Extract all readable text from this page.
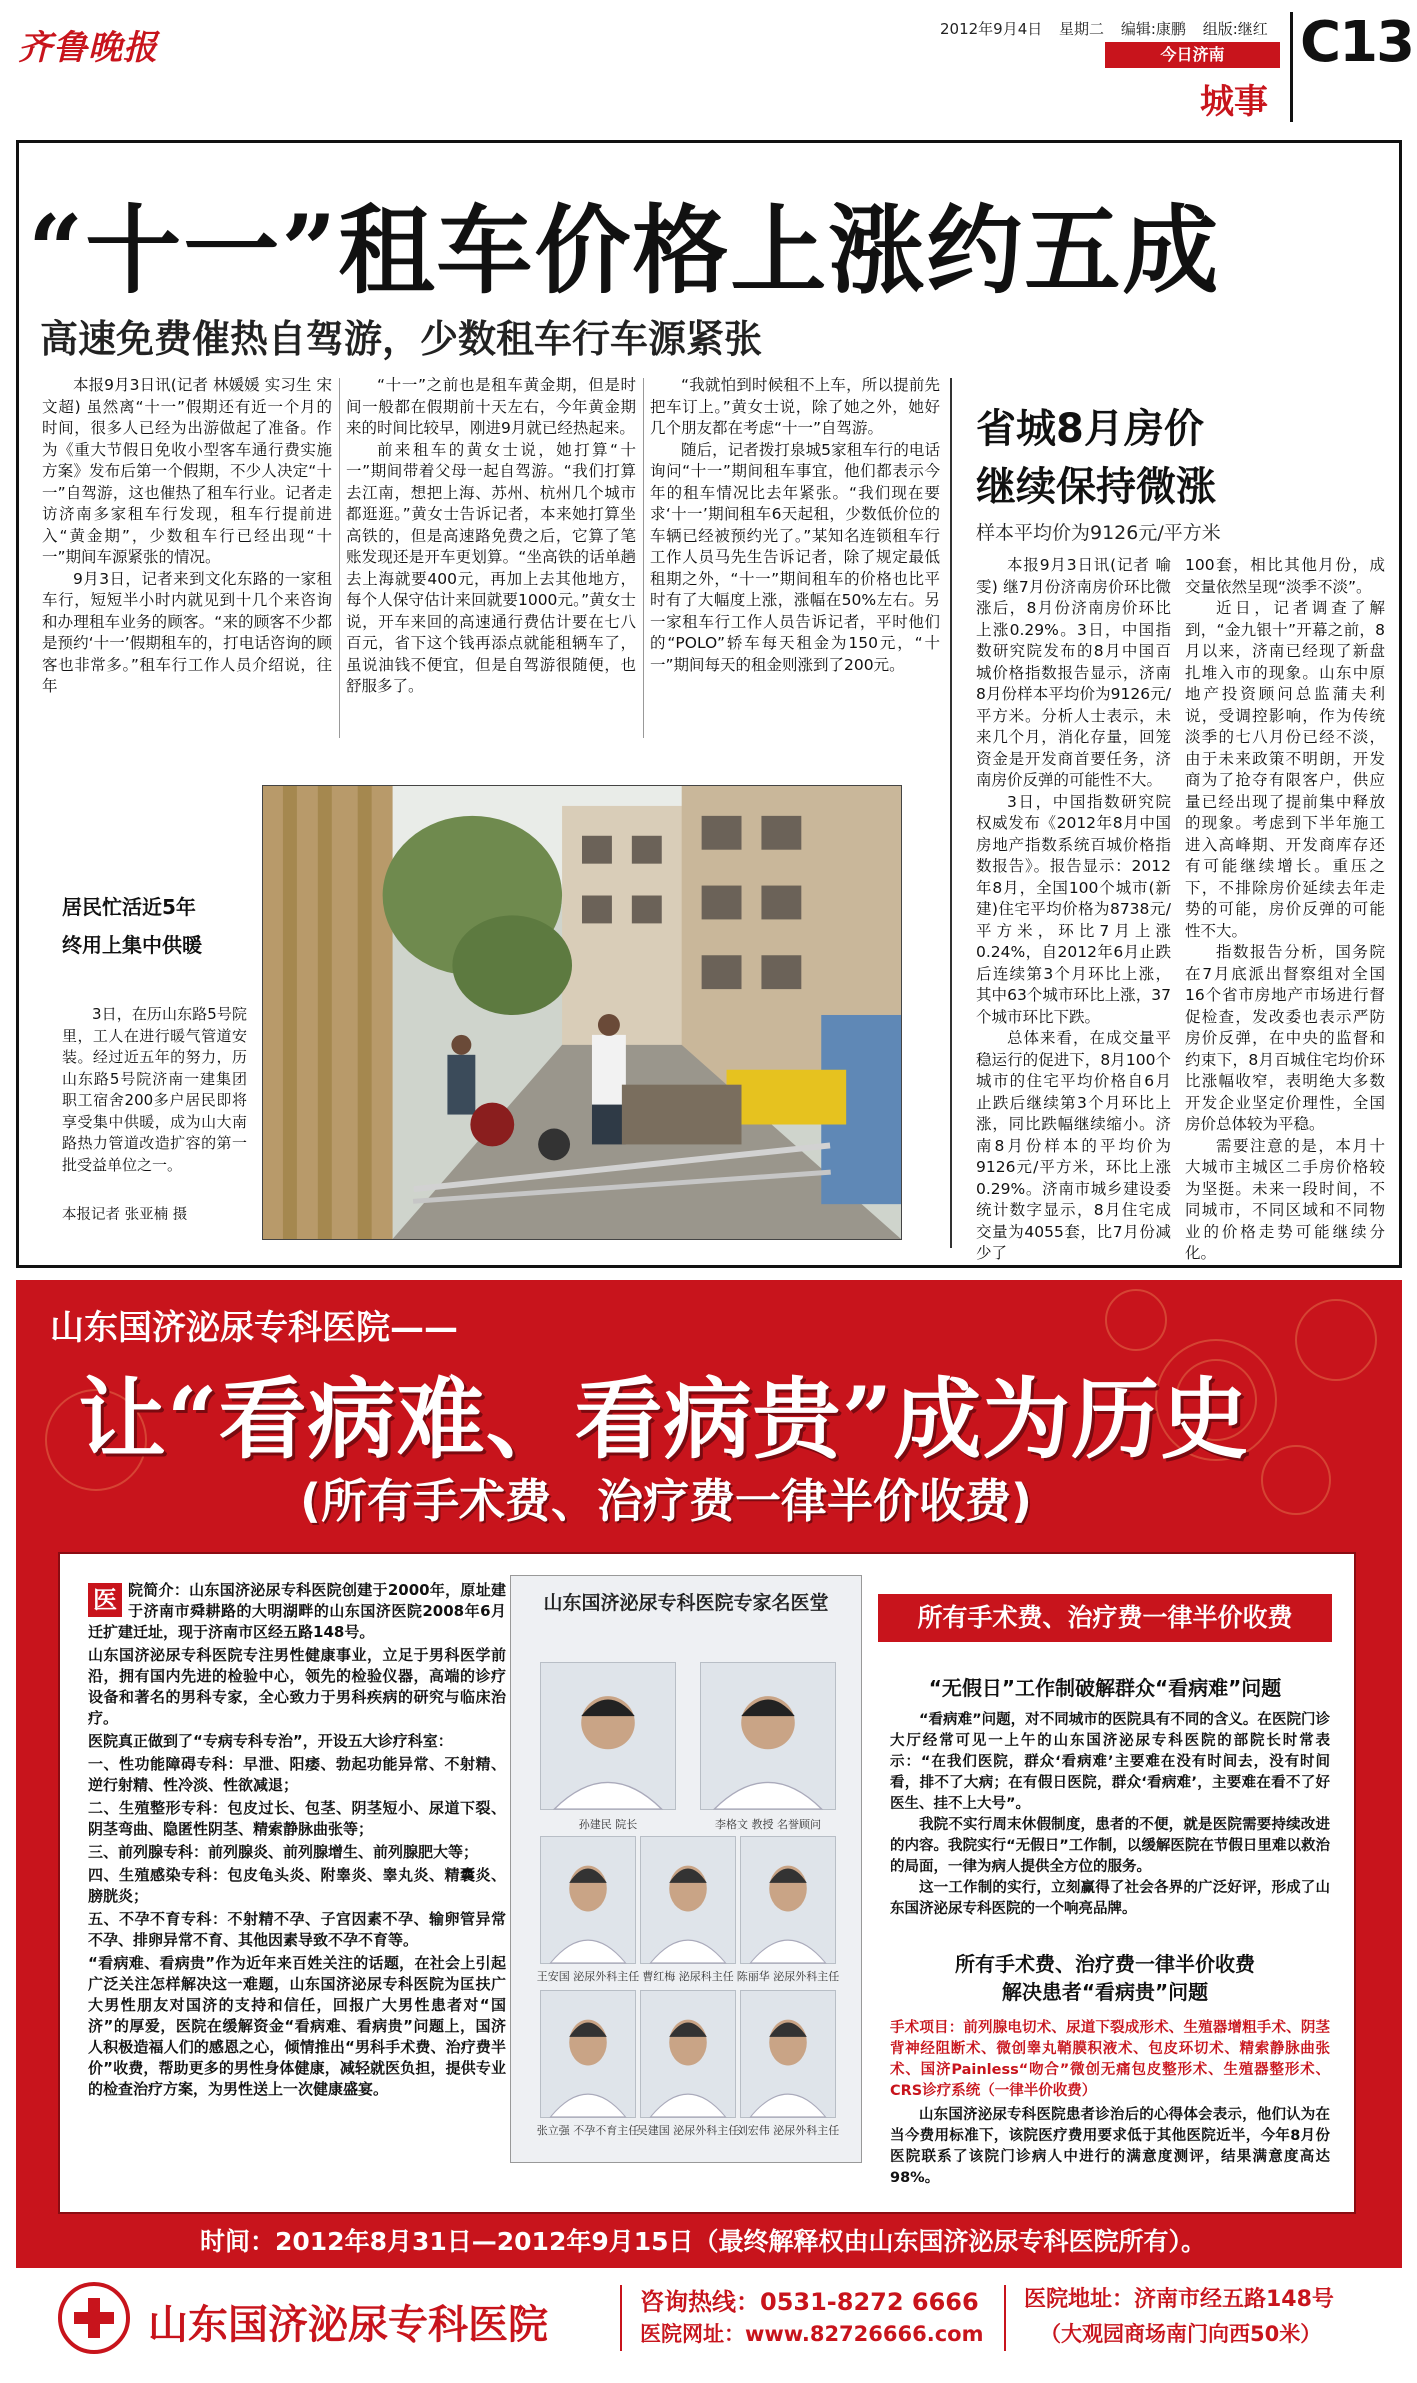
齐鲁晚报	2012年9月4日 星期二 编辑:康鹏 组版:继红
今日济南
城事
C13
“十一”租车价格上涨约五成
高速免费催热自驾游，少数租车行车源紧张

本报9月3日讯(记者 林媛媛 实习生 宋文超) 虽然离“十一”假期还有近一个月的时间，很多人已经为出游做起了准备。作为《重大节假日免收小型客车通行费实施方案》发布后第一个假期，不少人决定“十一”自驾游，这也催热了租车行业。记者走访济南多家租车行发现，租车行提前进入“黄金期”，少数租车行已经出现“十一”期间车源紧张的情况。

9月3日，记者来到文化东路的一家租车行，短短半小时内就见到十几个来咨询和办理租车业务的顾客。“来的顾客不少都是预约‘十一’假期租车的，打电话咨询的顾客也非常多。”租车行工作人员介绍说，往年

“十一”之前也是租车黄金期，但是时间一般都在假期前十天左右，今年黄金期来的时间比较早，刚进9月就已经热起来。

前来租车的黄女士说，她打算“十一”期间带着父母一起自驾游。“我们打算去江南，想把上海、苏州、杭州几个城市都逛逛。”黄女士告诉记者，本来她打算坐高铁的，但是高速路免费之后，它算了笔账发现还是开车更划算。“坐高铁的话单趟去上海就要400元，再加上去其他地方，每个人保守估计来回就要1000元。”黄女士说，开车来回的高速通行费估计要在七八百元，省下这个钱再添点就能租辆车了，虽说油钱不便宜，但是自驾游很随便，也舒服多了。

“我就怕到时候租不上车，所以提前先把车订上。”黄女士说，除了她之外，她好几个朋友都在考虑“十一”自驾游。

随后，记者拨打泉城5家租车行的电话询问“十一”期间租车事宜，他们都表示今年的租车情况比去年紧张。“我们现在要求‘十一’期间租车6天起租，少数低价位的车辆已经被预约光了。”某知名连锁租车行工作人员马先生告诉记者，除了规定最低租期之外，“十一”期间租车的价格也比平时有了大幅度上涨，涨幅在50%左右。另一家租车行工作人员告诉记者，平时他们的“POLO”轿车每天租金为150元，“十一”期间每天的租金则涨到了200元。

居民忙活近5年
终用上集中供暖

3日，在历山东路5号院里，工人在进行暖气管道安装。经过近五年的努力，历山东路5号院济南一建集团职工宿舍200多户居民即将享受集中供暖，成为山大南路热力管道改造扩容的第一批受益单位之一。

本报记者 张亚楠 摄
省城8月房价
继续保持微涨
样本平均价为9126元/平方米

本报9月3日讯(记者 喻雯) 继7月份济南房价环比微涨后，8月份济南房价环比上涨0.29%。3日，中国指数研究院发布的8月中国百城价格指数报告显示，济南8月份样本平均价为9126元/平方米。分析人士表示，未来几个月，消化存量，回笼资金是开发商首要任务，济南房价反弹的可能性不大。

3日，中国指数研究院权威发布《2012年8月中国房地产指数系统百城价格指数报告》。报告显示：2012年8月，全国100个城市(新建)住宅平均价格为8738元/平方米，环比7月上涨0.24%，自2012年6月止跌后连续第3个月环比上涨，其中63个城市环比上涨，37个城市环比下跌。

总体来看，在成交量平稳运行的促进下，8月100个城市的住宅平均价格自6月止跌后继续第3个月环比上涨，同比跌幅继续缩小。济南8月份样本的平均价为9126元/平方米，环比上涨0.29%。济南市城乡建设委统计数字显示，8月住宅成交量为4055套，比7月份减少了

100套，相比其他月份，成交量依然呈现“淡季不淡”。

近日，记者调查了解到，“金九银十”开幕之前，8月以来，济南已经现了新盘扎堆入市的现象。山东中原地产投资顾问总监蒲夫利说，受调控影响，作为传统淡季的七八月份已经不淡，由于未来政策不明朗，开发商为了抢夺有限客户，供应量已经出现了提前集中释放的现象。考虑到下半年施工进入高峰期、开发商库存还有可能继续增长。重压之下，不排除房价延续去年走势的可能，房价反弹的可能性不大。

指数报告分析，国务院在7月底派出督察组对全国16个省市房地产市场进行督促检查，发改委也表示严防房价反弹，在中央的监督和约束下，8月百城住宅均价环比涨幅收窄，表明绝大多数开发企业坚定价理性，全国房价总体较为平稳。

需要注意的是，本月十大城市主城区二手房价格较为坚挺。未来一段时间，不同城市，不同区域和不同物业的价格走势可能继续分化。

山东国济泌尿专科医院——
让“看病难、看病贵”成为历史
(所有手术费、治疗费一律半价收费)
医 院简介：山东国济泌尿专科医院创建于2000年，原址建于济南市舜耕路的大明湖畔的山东国济医院2008年6月迁扩建迁址，现于济南市区经五路148号。

山东国济泌尿专科医院专注男性健康事业，立足于男科医学前沿，拥有国内先进的检验中心，领先的检验仪器，高端的诊疗设备和著名的男科专家，全心致力于男科疾病的研究与临床治疗。

医院真正做到了“专病专科专治”，开设五大诊疗科室：

一、性功能障碍专科：早泄、阳痿、勃起功能异常、不射精、逆行射精、性冷淡、性欲减退；

二、生殖整形专科：包皮过长、包茎、阴茎短小、尿道下裂、阴茎弯曲、隐匿性阴茎、精索静脉曲张等；

三、前列腺专科：前列腺炎、前列腺增生、前列腺肥大等；

四、生殖感染专科：包皮龟头炎、附睾炎、睾丸炎、精囊炎、膀胱炎；

五、不孕不育专科：不射精不孕、子宫因素不孕、输卵管异常不孕、排卵异常不育、其他因素导致不孕不育等。

“看病难、看病贵”作为近年来百姓关注的话题，在社会上引起广泛关注怎样解决这一难题，山东国济泌尿专科医院为匡扶广大男性朋友对国济的支持和信任，回报广大男性患者对“国济”的厚爱，医院在缓解资金“看病难、看病贵”问题上，国济人积极造福人们的感恩之心，倾情推出“男科手术费、治疗费半价”收费，帮助更多的男性身体健康，减轻就医负担，提供专业的检查治疗方案，为男性送上一次健康盛宴。

山东国济泌尿专科医院专家名医堂
孙建民 院长	李格文 教授 名誉顾问
王安国 泌尿外科主任 曹红梅 泌尿科主任 陈丽华 泌尿外科主任
张立强 不孕不育主任
吴建国 泌尿外科主任
刘宏伟 泌尿外科主任
所有手术费、治疗费一律半价收费
“无假日”工作制破解群众“看病难”问题

“看病难”问题，对不同城市的医院具有不同的含义。在医院门诊大厅经常可见一上午的山东国济泌尿专科医院的部院长时常表示：“在我们医院，群众‘看病难’主要难在没有时间去，没有时间看，排不了大病；在有假日医院，群众‘看病难’，主要难在看不了好医生、挂不上大号”。

我院不实行周末休假制度，患者的不便，就是医院需要持续改进的内容。我院实行“无假日”工作制，以缓解医院在节假日里难以救治的局面，一律为病人提供全方位的服务。

这一工作制的实行，立刻赢得了社会各界的广泛好评，形成了山东国济泌尿专科医院的一个响亮品牌。

所有手术费、治疗费一律半价收费
解决患者“看病贵”问题
手术项目：前列腺电切术、尿道下裂成形术、生殖器增粗手术、阴茎背神经阻断术、微创睾丸鞘膜积液术、包皮环切术、精索静脉曲张术、国济Painless“吻合”微创无痛包皮整形术、生殖器整形术、CRS诊疗系统（一律半价收费）

山东国济泌尿专科医院患者诊治后的心得体会表示，他们认为在当今费用标准下，该院医疗费用要求低于其他医院近半，今年8月份医院联系了该院门诊病人中进行的满意度测评，结果满意度高达98%。

时间：2012年8月31日—2012年9月15日（最终解释权由山东国济泌尿专科医院所有）。
山东国济泌尿专科医院	咨询热线：0531-8272 6666
医院网址：www.82726666.com
医院地址：济南市经五路148号
（大观园商场南门向西50米）
